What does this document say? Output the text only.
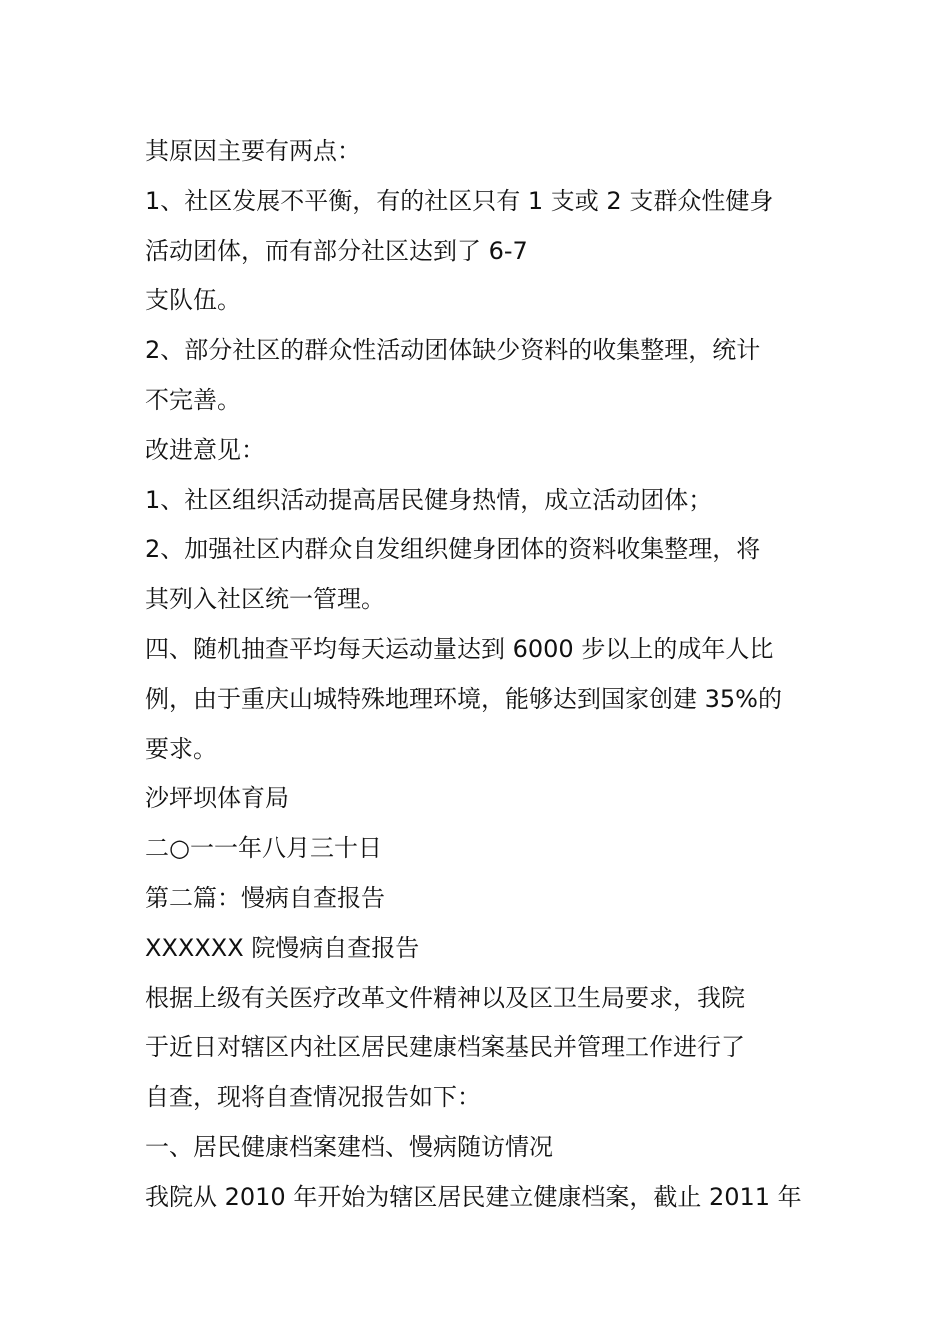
其原因主要有两点：
1、社区发展不平衡，有的社区只有 1 支或 2 支群众性健身
活动团体，而有部分社区达到了 6-7
支队伍。
2、部分社区的群众性活动团体缺少资料的收集整理，统计
不完善。
改进意见：
1、社区组织活动提高居民健身热情，成立活动团体；
2、加强社区内群众自发组织健身团体的资料收集整理，将
其列入社区统一管理。
四、随机抽查平均每天运动量达到 6000 步以上的成年人比
例，由于重庆山城特殊地理环境，能够达到国家创建 35%的
要求。
沙坪坝体育局
二○一一年八月三十日
第二篇：慢病自查报告
XXXXXX 院慢病自查报告
根据上级有关医疗改革文件精神以及区卫生局要求，我院
于近日对辖区内社区居民建康档案基民并管理工作进行了
自查，现将自查情况报告如下：
一、居民健康档案建档、慢病随访情况
我院从 2010 年开始为辖区居民建立健康档案，截止 2011 年
